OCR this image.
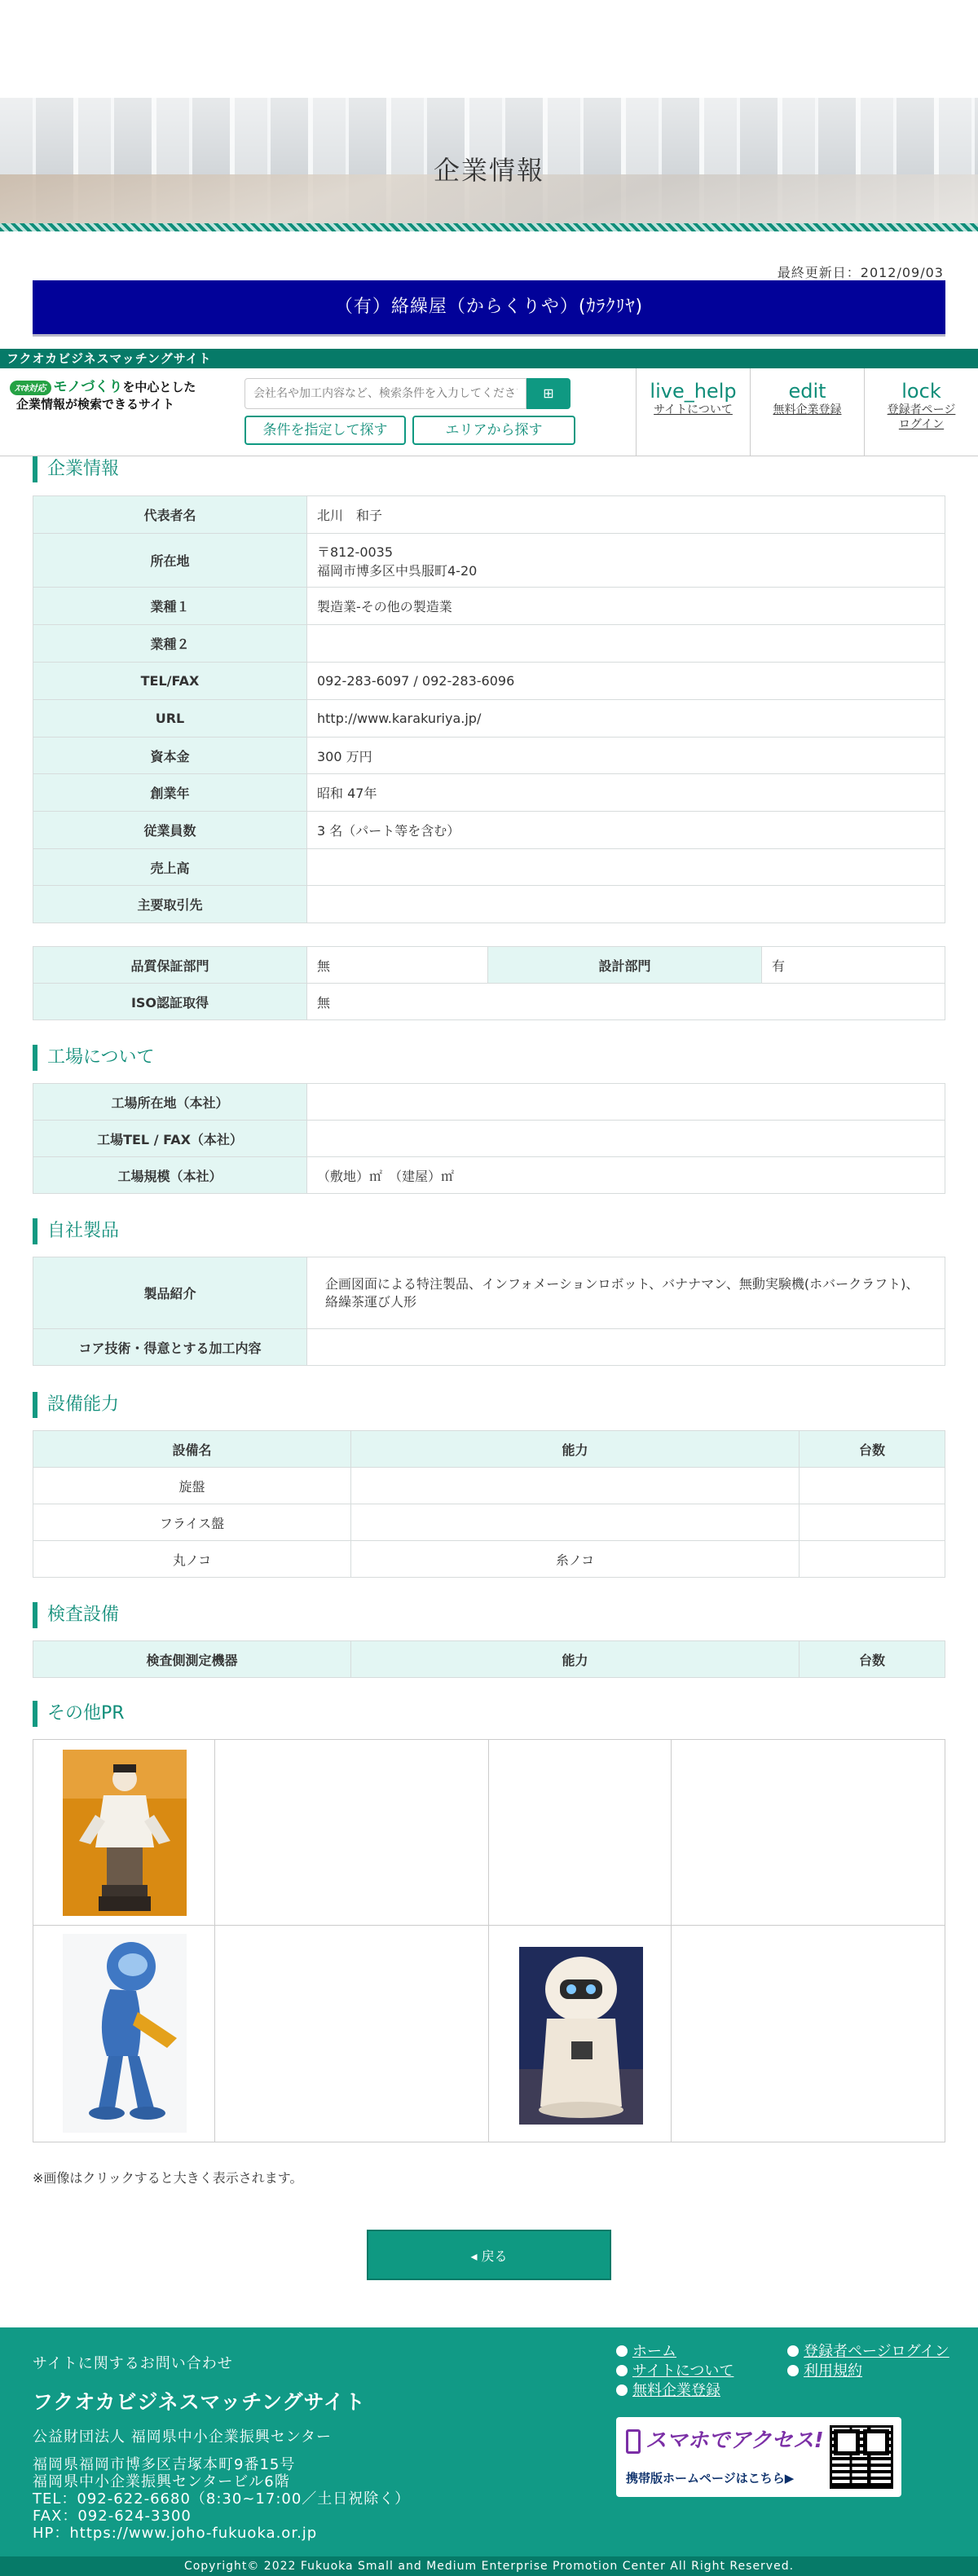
企業情報
最終更新日：2012/09/03
（有）絡繰屋（からくりや）(ｶﾗｸﾘﾔ)
フクオカビジネスマッチングサイト
ｽﾏﾎ対応 モノづくりを中心とした
企業情報が検索できるサイト
会社名や加工内容など、検索条件を入力してください
⊞
条件を指定して探す	エリアから探す
live_help
サイトについて
edit
無料企業登録
lock
登録者ページ
ログイン
企業情報
代表者名	北川　和子
所在地	〒812-0035
福岡市博多区中呉服町4-20

業種１	製造業-その他の製造業
業種２	
TEL/FAX	092-283-6097 / 092-283-6096
URL	http://www.karakuriya.jp/
資本金	300 万円
創業年	昭和 47年
従業員数	3 名（パート等を含む）
売上高	
主要取引先	
品質保証部門	無	設計部門	有
ISO認証取得	無		
工場について
工場所在地（本社）	
工場TEL / FAX（本社）	
工場規模（本社）	（敷地）㎡　（建屋）㎡
自社製品
製品紹介	企画図面による特注製品、インフォメーションロボット、バナナマン、無動実験機(ホバークラフト)、絡繰茶運び人形
コア技術・得意とする加工内容	
設備能力
設備名	能力	台数
旋盤		
フライス盤		
丸ノコ	糸ノコ	
検査設備
検査側測定機器	能力	台数
その他PR
※画像はクリックすると大きく表示されます。
◂ 戻る
サイトに関するお問い合わせ
フクオカビジネスマッチングサイト
公益財団法人 福岡県中小企業振興センター
福岡県福岡市博多区吉塚本町9番15号
福岡県中小企業振興センタービル6階
TEL：092-622-6680（8:30~17:00／土日祝除く）
FAX：092-624-3300
HP：https://www.joho-fukuoka.or.jp
ホーム
サイトについて
無料企業登録
登録者ページログイン
利用規約
スマホでアクセス!
携帯版ホームページはこちら▶
Copyright© 2022 Fukuoka Small and Medium Enterprise Promotion Center All Right Reserved.
